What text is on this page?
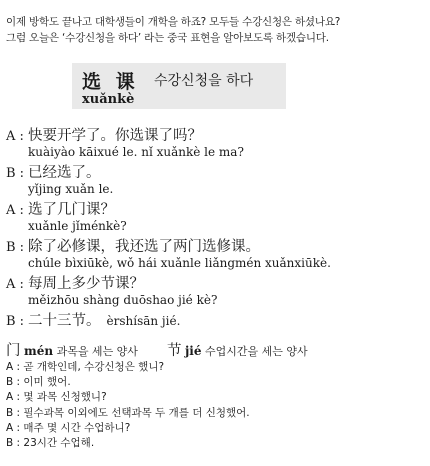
이제 방학도 끝나고 대학생들이 개학을 하죠? 모두들 수강신청은 하셨나요?
그럼 오늘은 ‘수강신청을 하다’ 라는 중국 표현을 알아보도록 하겠습니다.
选 课 수강신청을 하다
xuǎnkè
A : 快要开学了。你选课了吗？
kuàiyào kāixué le. nǐ xuǎnkè le ma?
B : 已经选了。
yǐjing xuǎn le.
A : 选了几门课？
xuǎnle jǐménkè?
B : 除了必修课，我还选了两门选修课。
chúle bìxiūkè, wǒ hái xuǎnle liǎngmén xuǎnxiūkè.
A : 每周上多少节课？
měizhōu shàng duōshao jié kè?
B : 二十三节。 èrshísān jié.
门 mén 과목을 세는 양사 节 jié 수업시간을 세는 양사
A : 곧 개학인데, 수강신청은 했니?
B : 이미 했어.
A : 몇 과목 신청했니?
B : 필수과목 이외에도 선택과목 두 개를 더 신청했어.
A : 매주 몇 시간 수업하니?
B : 23시간 수업해.
